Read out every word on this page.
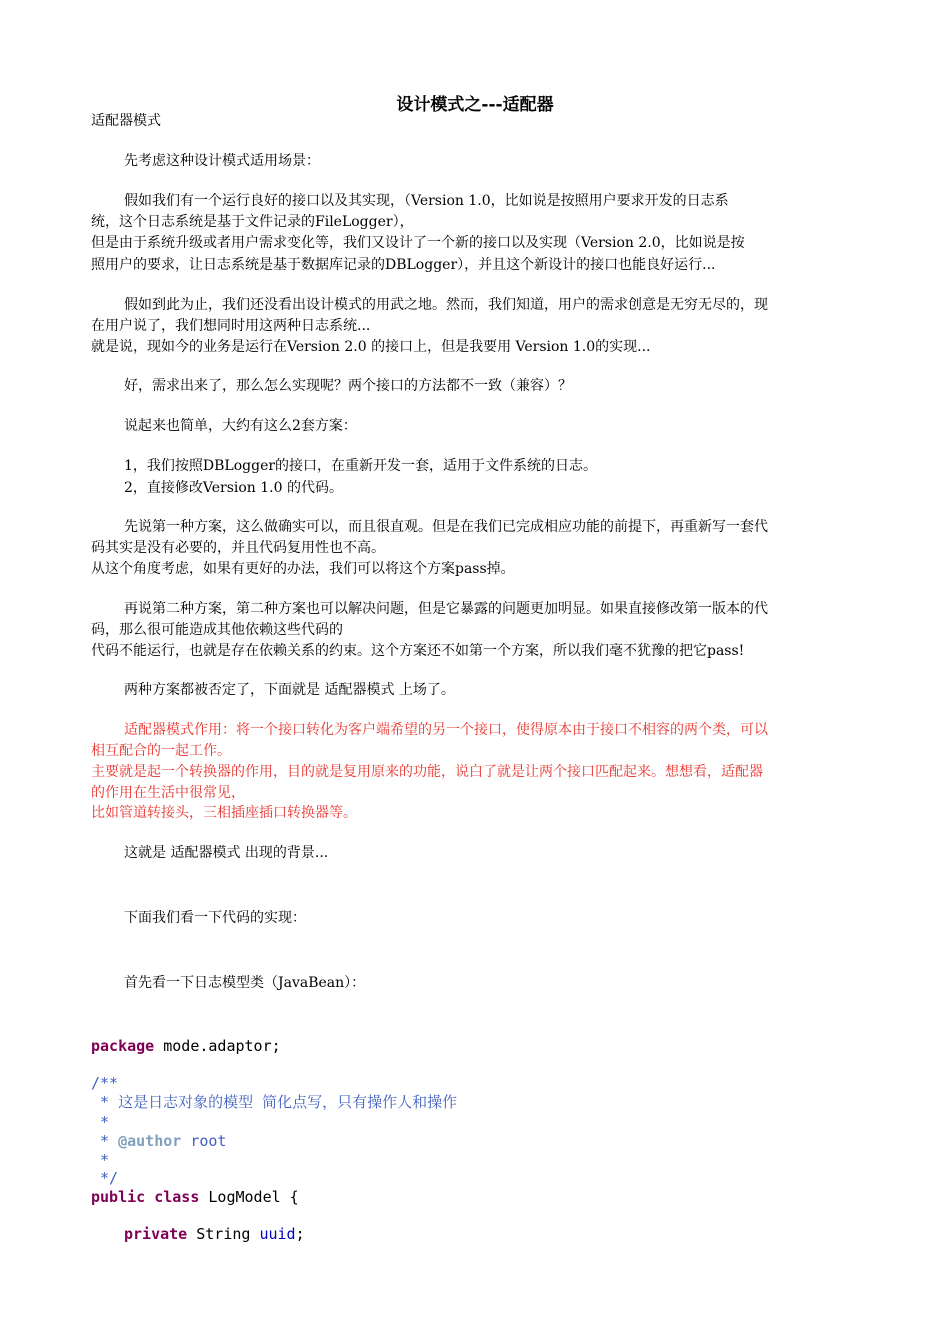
设计模式之---适配器
适配器模式
先考虑这种设计模式适用场景：
假如我们有一个运行良好的接口以及其实现，（Version 1.0，比如说是按照用户要求开发的日志系
统，这个日志系统是基于文件记录的FileLogger），
但是由于系统升级或者用户需求变化等，我们又设计了一个新的接口以及实现（Version 2.0，比如说是按
照用户的要求，让日志系统是基于数据库记录的DBLogger），并且这个新设计的接口也能良好运行...
假如到此为止，我们还没看出设计模式的用武之地。然而，我们知道，用户的需求创意是无穷无尽的，现
在用户说了，我们想同时用这两种日志系统...
就是说，现如今的业务是运行在Version 2.0 的接口上，但是我要用 Version 1.0的实现...
好，需求出来了，那么怎么实现呢？两个接口的方法都不一致（兼容）？
说起来也简单，大约有这么2套方案：
1，我们按照DBLogger的接口，在重新开发一套，适用于文件系统的日志。
2，直接修改Version 1.0 的代码。
先说第一种方案，这么做确实可以，而且很直观。但是在我们已完成相应功能的前提下，再重新写一套代
码其实是没有必要的，并且代码复用性也不高。
从这个角度考虑，如果有更好的办法，我们可以将这个方案pass掉。
再说第二种方案，第二种方案也可以解决问题，但是它暴露的问题更加明显。如果直接修改第一版本的代
码，那么很可能造成其他依赖这些代码的
代码不能运行，也就是存在依赖关系的约束。这个方案还不如第一个方案，所以我们毫不犹豫的把它pass!
两种方案都被否定了，下面就是 适配器模式 上场了。
适配器模式作用：将一个接口转化为客户端希望的另一个接口，使得原本由于接口不相容的两个类，可以
相互配合的一起工作。
主要就是起一个转换器的作用，目的就是复用原来的功能，说白了就是让两个接口匹配起来。想想看，适配器
的作用在生活中很常见，
比如管道转接头，三相插座插口转换器等。
这就是 适配器模式 出现的背景...
下面我们看一下代码的实现：
首先看一下日志模型类（JavaBean）：
package mode.adaptor;
/**
* 这是日志对象的模型 简化点写，只有操作人和操作
*
* @author root
*
*/
public class LogModel {
private String uuid;
